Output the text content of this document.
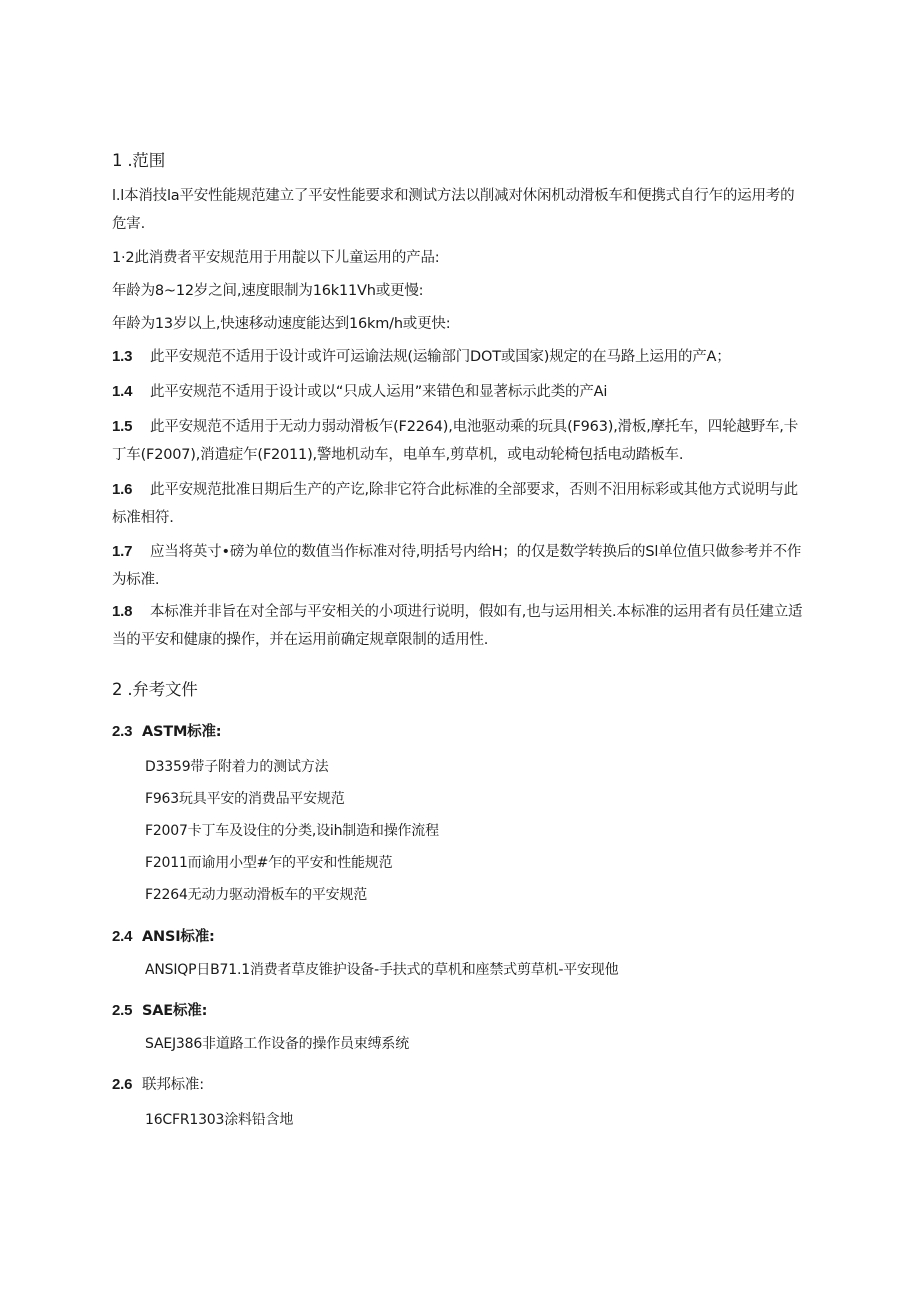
1 .范围
l.l本消技la平安性能规范建立了平安性能要求和测试方法以削减对休闲机动滑板车和便携式自行乍的运用考的
危害.
1·2此消费者平安规范用于用靛以下儿童运用的产品:
年龄为8~12岁之间,速度眼制为16k11Vh或更慢:
年龄为13岁以上,快速移动速度能达到16km/h或更快:
1.3 此平安规范不适用于设计或许可运谕法规(运输部门DOT或国家)规定的在马路上运用的产A；
1.4 此平安规范不适用于设计或以“只成人运用”来错色和显著标示此类的产Ai
1.5 此平安规范不适用于无动力弱动滑板乍(F2264),电池驱动乘的玩具(F963),滑板,摩托车，四轮越野车,卡
丁车(F2007),消遣症乍(F2011),警地机动车，电单车,剪草机，或电动轮椅包括电动踏板车.
1.6 此平安规范批准日期后生产的产讫,除非它符合此标准的全部要求，否则不汨用标彩或其他方式说明与此
标准相符.
1.7 应当将英寸•磅为单位的数值当作标准对待,明括号内给H；的仅是数学转换后的Sl单位值只做参考并不作
为标准.
1.8 本标准并非旨在对全部与平安相关的小项进行说明，假如有,也与运用相关.本标准的运用者有员任建立适
当的平安和健康的操作，并在运用前确定规章限制的适用性.
2 .弁考文件
2.3 ASTM标准:
D3359带子附着力的测试方法
F963玩具平安的消费品平安规范
F2007卡丁车及设住的分类,设ih制造和操作流程
F2011而谕用小型#乍的平安和性能规范
F2264无动力驱动滑板车的平安规范
2.4 ANSI标准:
ANSIQP日B71.1消费者草皮锥护设备-手扶式的草机和座禁式剪草机-平安现他
2.5 SAE标准:
SAEJ386非道路工作设备的操作员束缚系统
2.6 联邦标准:
16CFR1303涂料铅含地
